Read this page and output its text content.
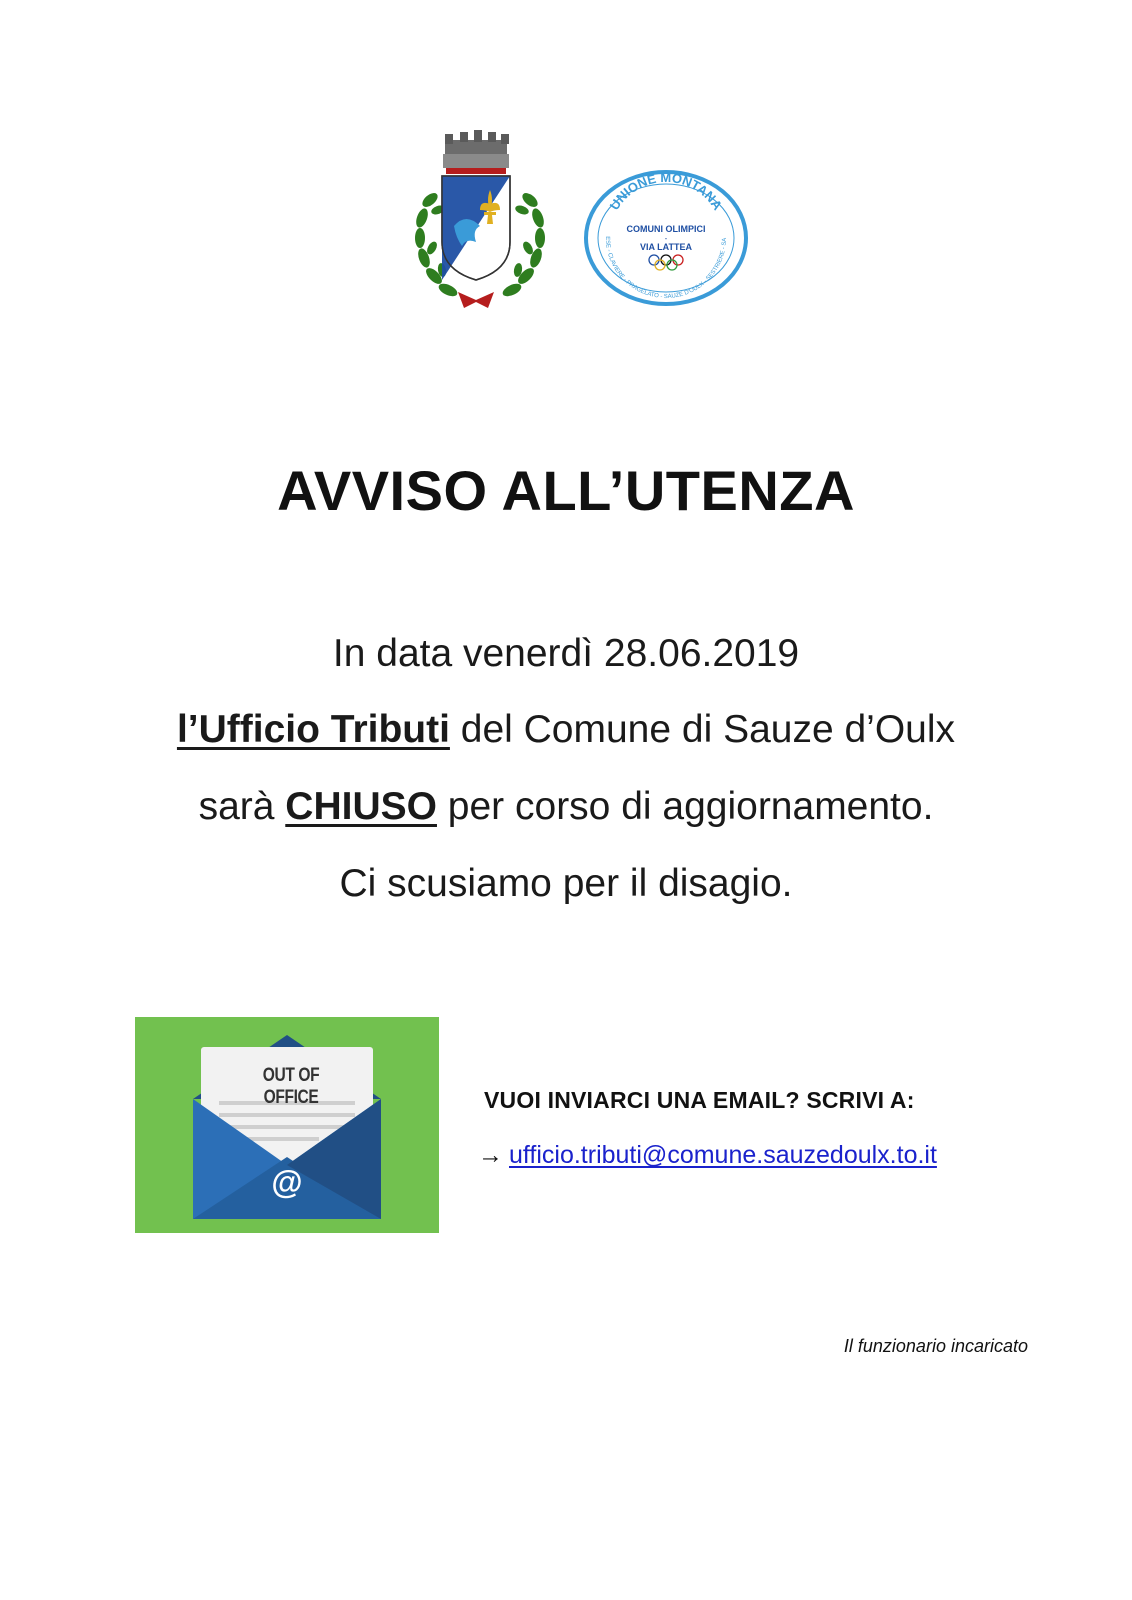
UNIONE MONTANA
ESE - CLAVIERE - PRAGELATO - SAUZE D'OULX - SESTRIERE - SA
COMUNI OLIMPICI
-
VIA LATTEA
AVVISO ALL’UTENZA
In data venerdì 28.06.2019
l’Ufficio Tributi del Comune di Sauze d’Oulx
sarà CHIUSO per corso di aggiornamento.
Ci scusiamo per il disagio.
@
OUT OF OFFICE	VUOI INVIARCI UNA EMAIL? SCRIVI A:
→ ufficio.tributi@comune.sauzedoulx.to.it
Il funzionario incaricato
